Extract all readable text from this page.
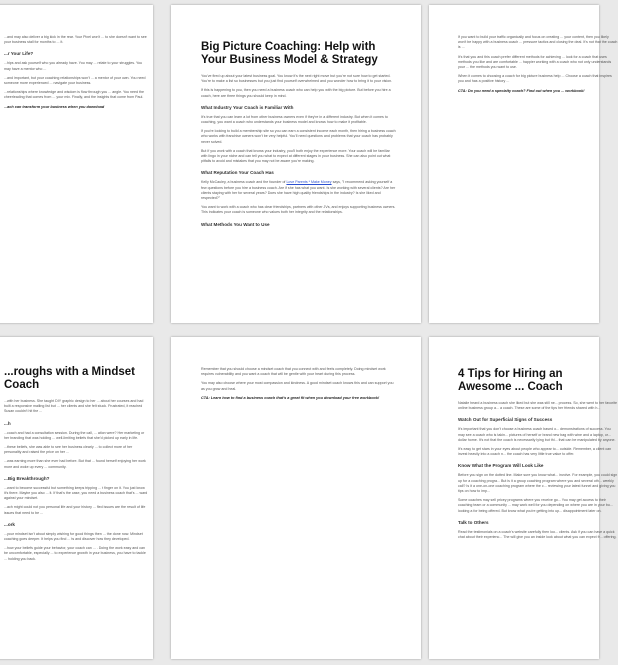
...and may also deliver a big kick in the rear. Your Pixel won't ... to she doesn't want to see your business stall for months to ... it.

...r Your Life?

...hips and ask yourself who you already have. You may ... relate to your struggles. You may have a mentor who ...

...and important, but your coaching relationships won't ... a mentor of your own. You need someone more experienced ... navigate your business.

...relationships where knowledge and wisdom is flow through you ... angle. You need the cheerleading that comes from ... your mix. Finally, and the insights that come from Paul.

...ach can transform your business when you download

Big Picture Coaching: Help with Your Business Model & Strategy

You've fired up about your latest business goal. You know it's the next right move but you're not sure how to get started. You're to make a list so businesses but you just find yourself overwhelmed and you wonder how to bring it to your vision.

If this is happening to you, then you need a business coach who can help you with the big picture. But before you hire a coach, here are three things you should keep in mind.

What Industry Your Coach is Familiar With

It's true that you can learn a lot from other business owners even if they're in a different industry. But when it comes to coaching, you want a coach who understands your business model and knows how to make it profitable.

If you're looking to build a membership site so you can earn a consistent income each month, then hiring a business coach who works with franchise owners won't be very helpful. You'll need questions and problems that your coach has probably never solved.

But if you work with a coach that knows your industry, you'll both enjoy the experience more. Your coach will be familiar with lingo in your niche and can tell you what to expect at different stages in your business. She can also point out what pitfalls to avoid and mistakes that you may not be aware you're making.

What Reputation Your Coach Has

Kelly McCauley, a business coach and the founder of Love Parents * Make Money says, "I recommend asking yourself a few questions before you hire a business coach. Are if she has what you want. Is she working with several clients? Are her clients staying with her for several years? Does she have high quality friendships in the industry? Is she liked and respected?"

You want to work with a coach who has clear friendships, partners with other JVs, and enjoys supporting business owners. This indicates your coach is someone who values both her integrity and the relationships.

What Methods You Want to Use

If you want to build your traffic organically and focus on creating ... your content, then you likely won't be happy with a business coach ... pressure tactics and closing the deal. It's not that the coach is ...

It's that you and this coach prefer different methods for achieving ... look for a coach that uses methods you like and are comfortable ... happier working with a coach who not only understands your ... the methods you want to use.

When it comes to choosing a coach for big picture business help ... Choose a coach that inspires you and has a positive history ...

CTA: Do you need a specialty coach? Find out when you ... workbook!

...roughs with a Mindset Coach

...with her business. She taught DIY graphic design to her ... about her courses and had built a responsive mailing list but ... her clients and she felt stuck. Frustrated, it reached Susan couldn't hit the ...

...h

...coach and had a consultation session. During the call, ... ation were? Her marketing or her branding that was holding ... well-limiting beliefs that she'd picked up early in life.

...these beliefs, she was able to see her business clearly ... to collect more of her personality and raised the price on her ...

...was earning more than she ever had before. But that ... found herself enjoying her work more and woke up every ... community.

...Big Breakthrough?

...want to become successful but something keeps tripping ... t finger on it. You just know it's there. Maybe you also ... it. If that's the case, you need a business coach that's ... ward against your mindset.

...ach might could not you personal life and your history ... fled issues are the result of life issues that need to be ...

...ork

...your mindset isn't about simply wishing for good things then ... the done now. Mindset coaching goes deeper. It helps you find ... ts and discover how they developed.

...how your beliefs guide your behavior, your coach can ... . Doing the work easy and can be uncomfortable, especially ... to experience growth in your business, you have to tackle ... holding you back.

Remember that you should choose a mindset coach that you connect with and feels completely. Doing mindset work requires vulnerability and you want a coach that will be gentle with your heart during this process.

You may also choose where your most compassion and kindness. A good mindset coach knows this and can support you as you grow and heal.

CTA: Learn how to find a business coach that's a great fit when you download your free workbook!

4 Tips for Hiring an Awesome ... Coach

Natalie heard a business coach she liked but she was still ne... process. So, she went to her favorite online business group a... a coach. These are some of the tips her friends shared with h...

Watch Out for Superficial Signs of Success

It's important that you don't choose a business coach based o... demonstrations of success. You may see a coach who is takin... pictures of herself or brand new bag with wine and a laptop, or... dollar home. It's not that the coach is necessarily lying but thi... that can be manipulated by anyone.

It's easy to get stars in your eyes about people who appear to... outside. Remember, a client can invest heavily into a coach n... the coach has very little true value to offer.

Know What the Program Will Look Like

Before you sign on the dotted line. Make sure you know what... involve. For example, you could sign up for a coaching progra... But is it a group coaching program where you and several oth... weekly call? Is it a one-on-one coaching program where the c... reviewing your latest funnel and giving you tips on how to imp...

Some coaches may sell pricey programs where you receive go... You may get access to their coaching team or a community ... may work well for you depending on where you are in your bu... looking a for being offered. But know what you're getting into up... disappointment later on.

Talk to Others

Read the testimonials on a coach's website carefully then loo... clients. Ask if you can have a quick chat about their experienc... The will give you an inside look about what you can expect fr... offering.
